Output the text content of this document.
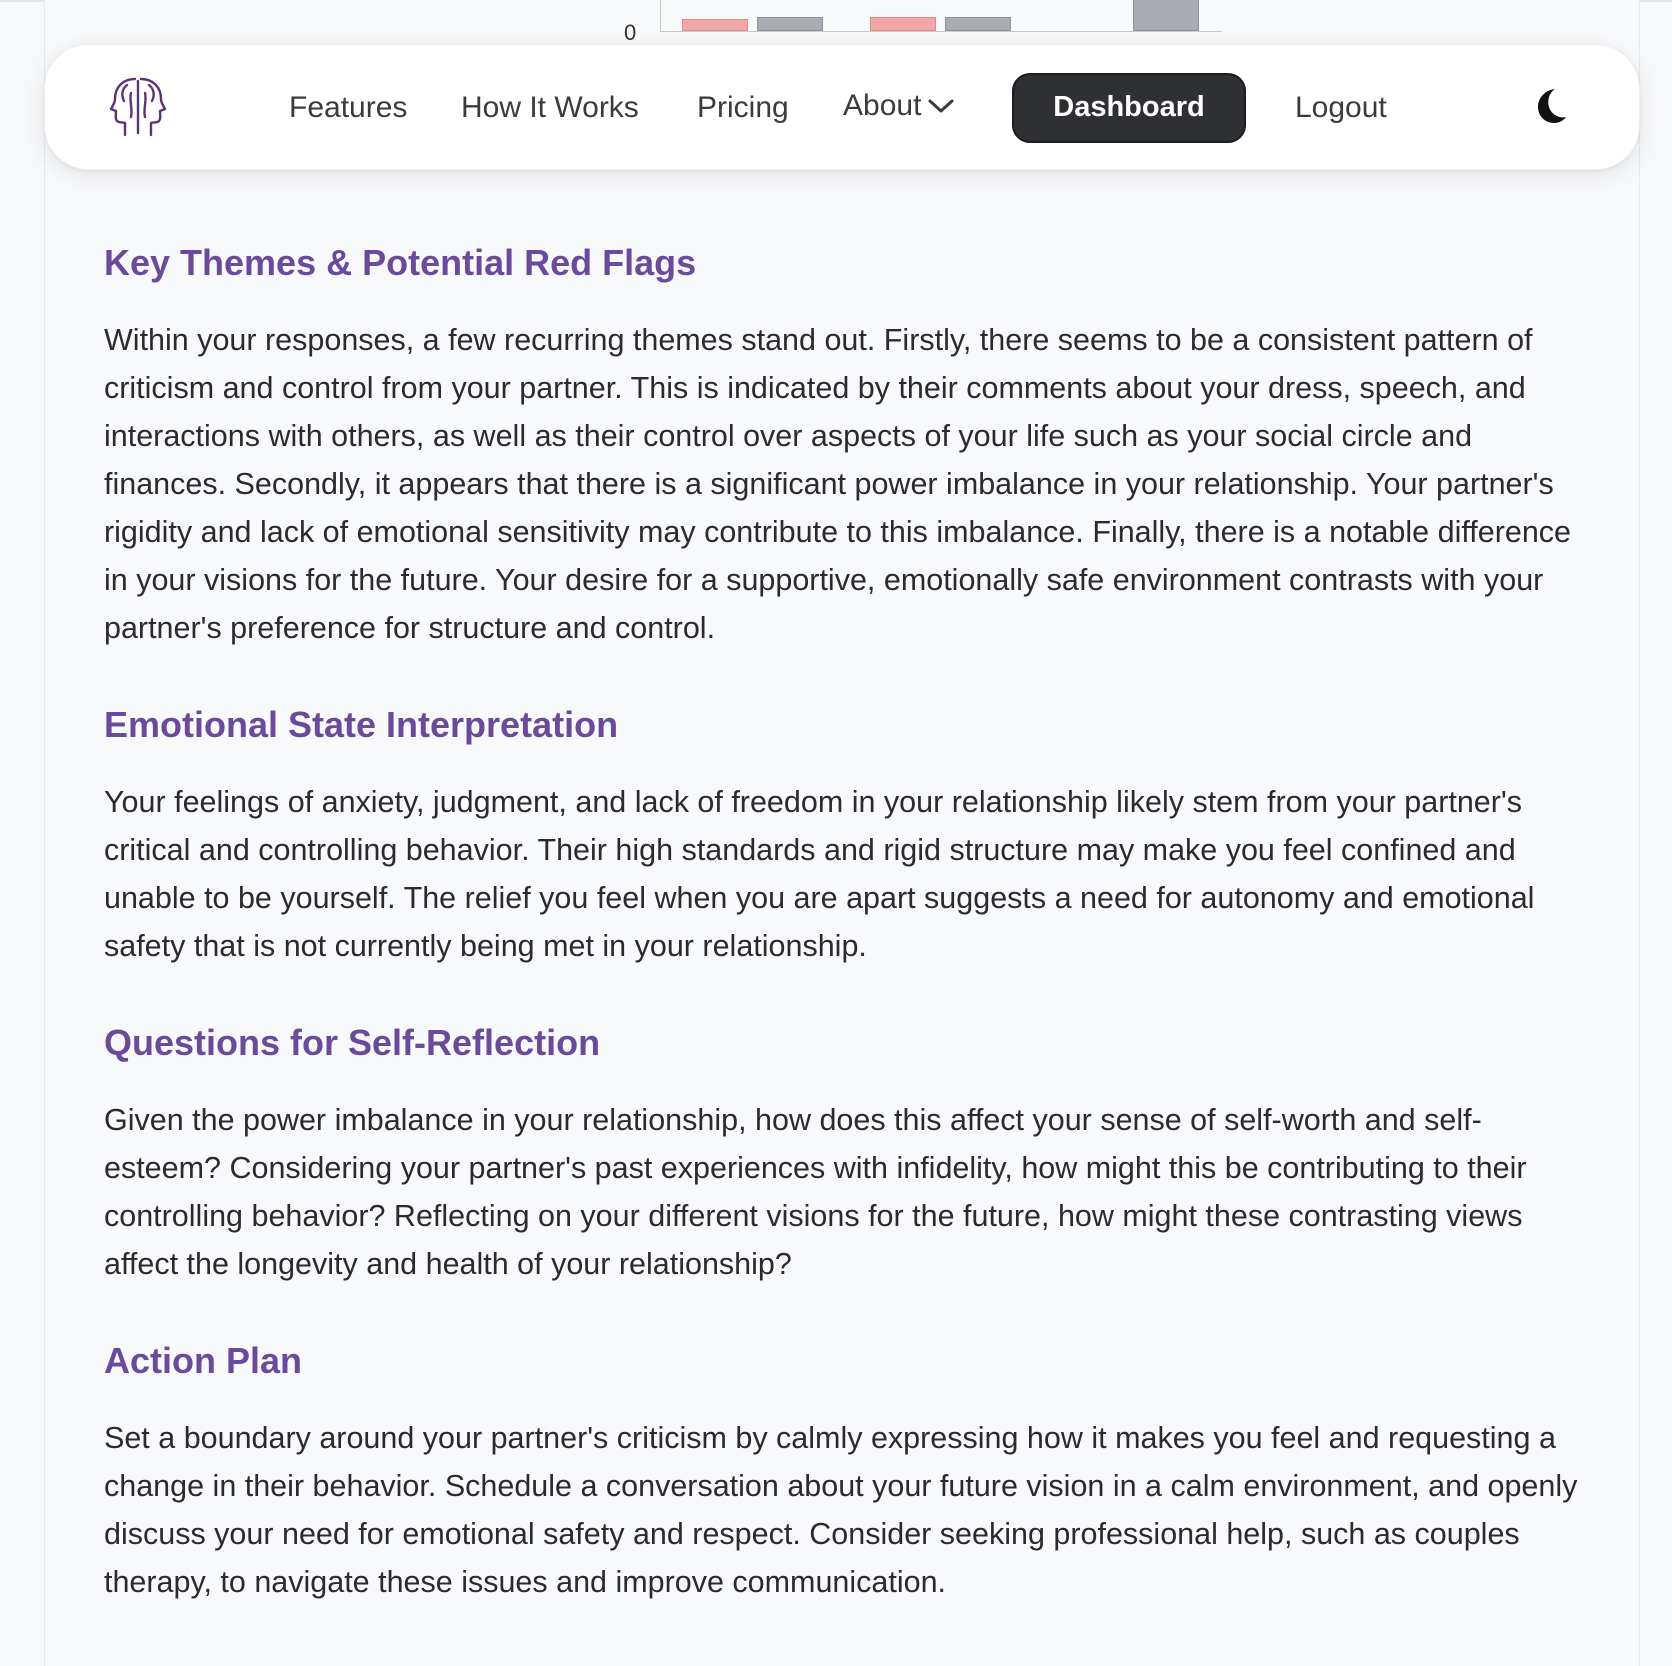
0
Features How It Works Pricing About	Dashboard	Logout
Key Themes & Potential Red Flags

Within your responses, a few recurring themes stand out. Firstly, there seems to be a consistent pattern of criticism and control from your partner. This is indicated by their comments about your dress, speech, and interactions with others, as well as their control over aspects of your life such as your social circle and finances. Secondly, it appears that there is a significant power imbalance in your relationship. Your partner's rigidity and lack of emotional sensitivity may contribute to this imbalance. Finally, there is a notable difference in your visions for the future. Your desire for a supportive, emotionally safe environment contrasts with your partner's preference for structure and control.

Emotional State Interpretation

Your feelings of anxiety, judgment, and lack of freedom in your relationship likely stem from your partner's critical and controlling behavior. Their high standards and rigid structure may make you feel confined and unable to be yourself. The relief you feel when you are apart suggests a need for autonomy and emotional safety that is not currently being met in your relationship.

Questions for Self-Reflection

Given the power imbalance in your relationship, how does this affect your sense of self-worth and self-esteem? Considering your partner's past experiences with infidelity, how might this be contributing to their controlling behavior? Reflecting on your different visions for the future, how might these contrasting views affect the longevity and health of your relationship?

Action Plan

Set a boundary around your partner's criticism by calmly expressing how it makes you feel and requesting a change in their behavior. Schedule a conversation about your future vision in a calm environment, and openly discuss your need for emotional safety and respect. Consider seeking professional help, such as couples therapy, to navigate these issues and improve communication.
